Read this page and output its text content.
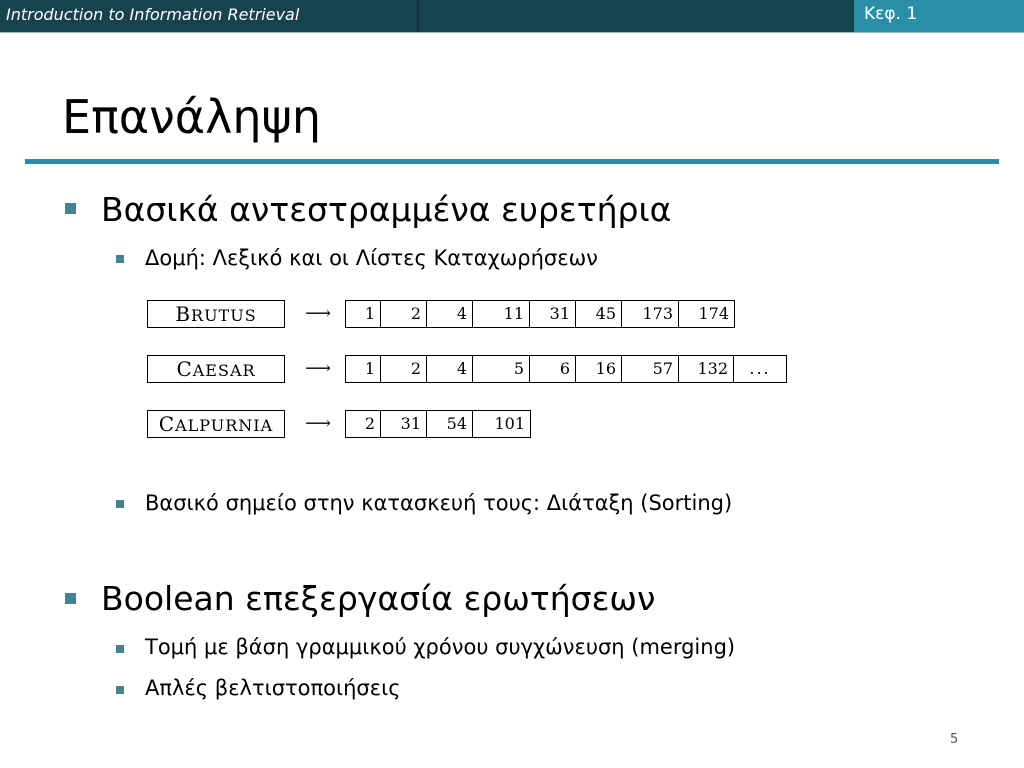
Introduction to Information Retrieval	Κεφ. 1
Επανάληψη
Βασικά αντεστραμμένα ευρετήρια
Δομή: Λεξικό και οι Λίστες Καταχωρήσεων
BRUTUS	⟶	1	2	4	11	31	45	173	174
CAESAR	⟶	1	2	4	5	6	16	57	132	...
CALPURNIA	⟶	2	31	54	101
Βασικό σημείο στην κατασκευή τους: Διάταξη (Sorting)
Boolean επεξεργασία ερωτήσεων
Τομή με βάση γραμμικού χρόνου συγχώνευση (merging)
Απλές βελτιστοποιήσεις
5
